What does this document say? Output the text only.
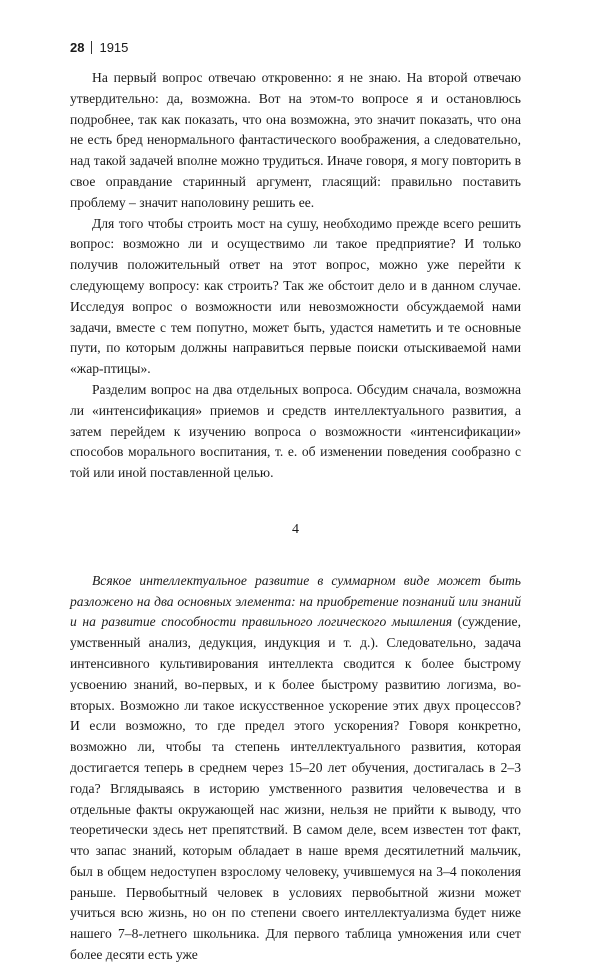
28 1915

На первый вопрос отвечаю откровенно: я не знаю. На второй отвечаю утвердительно: да, возможна. Вот на этом-то вопросе я и остановлюсь подробнее, так как показать, что она возможна, это значит показать, что она не есть бред ненормального фантастического воображения, а следовательно, над такой задачей вполне можно трудиться. Иначе говоря, я могу повторить в свое оправдание старинный аргумент, гласящий: правильно поставить проблему – значит наполовину решить ее.

Для того чтобы строить мост на сушу, необходимо прежде всего решить вопрос: возможно ли и осуществимо ли такое предприятие? И только получив положительный ответ на этот вопрос, можно уже перейти к следующему вопросу: как строить? Так же обстоит дело и в данном случае. Исследуя вопрос о возможности или невозможности обсуждаемой нами задачи, вместе с тем попутно, может быть, удастся наметить и те основные пути, по которым должны направиться первые поиски отыскиваемой нами «жар-птицы».

Разделим вопрос на два отдельных вопроса. Обсудим сначала, возможна ли «интенсификация» приемов и средств интеллектуального развития, а затем перейдем к изучению вопроса о возможности «интенсификации» способов морального воспитания, т. е. об изменении поведения сообразно с той или иной поставленной целью.

4

Всякое интеллектуальное развитие в суммарном виде может быть разложено на два основных элемента: на приобретение познаний или знаний и на развитие способности правильного логического мышления (суждение, умственный анализ, дедукция, индукция и т. д.). Следовательно, задача интенсивного культивирования интеллекта сводится к более быстрому усвоению знаний, во-первых, и к более быстрому развитию логизма, во-вторых. Возможно ли такое искусственное ускорение этих двух процессов? И если возможно, то где предел этого ускорения? Говоря конкретно, возможно ли, чтобы та степень интеллектуального развития, которая достигается теперь в среднем через 15–20 лет обучения, достигалась в 2–3 года? Вглядываясь в историю умственного развития человечества и в отдельные факты окружающей нас жизни, нельзя не прийти к выводу, что теоретически здесь нет препятствий. В самом деле, всем известен тот факт, что запас знаний, которым обладает в наше время десятилетний мальчик, был в общем недоступен взрослому человеку, учившемуся на 3–4 поколения раньше. Первобытный человек в условиях первобытной жизни может учиться всю жизнь, но он по степени своего интеллектуализма будет ниже нашего 7–8-летнего школьника. Для первого таблица умножения или счет более десяти есть уже
